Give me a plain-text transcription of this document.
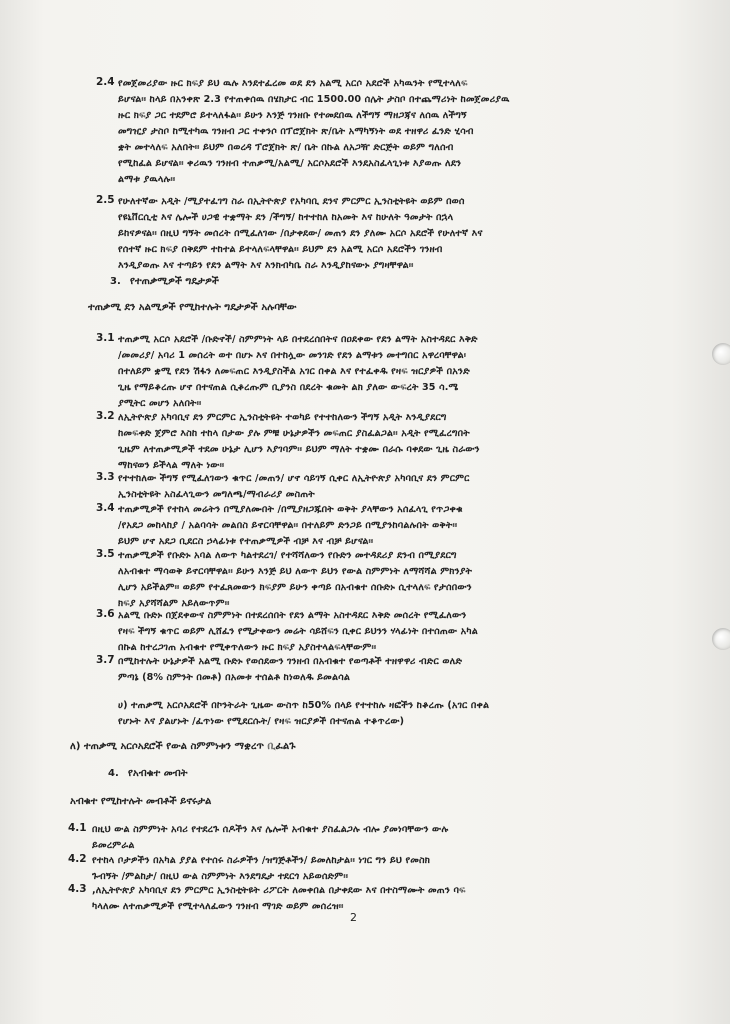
2.4 የመጀመሪያው ዙር ክፍያ ይህ ዉሉ እንደተፈረመ ወደ ደን አልሚ አርሶ አደሮች አካዉንት የሚተላለፍ
ይሆናል፡፡ ከላይ በአንቀጽ 2.3 የተጠቀሰዉ በሄክታር ብር 1500.00 ሰሌት ታስቦ በተጨማሪነት ከመጀመሪያዉ
ዙር ክፍያ ጋር ተደምሮ ይተላለፋል፡፡ ይሁን እንጅ ገንዘቡ የተመደበዉ ለችግኝ ማዘጋጃና ለሰዉ ለችግኝ
መግዢያ ታስቦ ከሚተካዉ ገንዘብ ጋር ተቀንሶ በፕሮጀክት ጽ/ቤት አማካኝነት ወደ ተዘዋሪ ፈንድ ሂሳብ
ቋት መተላለፍ አለበት፡፡ ይህም በወረዳ ፕሮጀክት ጽ/ ቤት በኩል ለአጋዥ ድርጅት ወይም ግለሰብ
የሚከፈል ይሆናል፡፡ ቀሪዉን ገንዘብ ተጠቃሚ/አልሚ/ አርሶአደሮች እንደአስፈላጊነቱ እያወጡ ለደን
ልማቱ ያዉላሉ፡፡
2.5 የሁለተኛው አዲት /ሚያተፈገግ ስራ በኢትዮጵያ የአካባቢ ደንና ምርምር ኢንስቲትዩት ወይም በወሰ
የዩኒቨርሲቲ እና ሌሎች ሀጋዊ ተቋማት ደን /ችግኝ/ ከተተከለ ከአመት እና ከሁለት ዓመታት በኋላ
ይከናዎናል፡፡ በዚህ ግኝት መሰረት በሚፈለገው /በታቀደው/ መጠን ደን ያለሙ አርሶ አደሮች የሁለተኛ እና
የሰተኛ ዙር ክፍያ በቅደም ተከተል ይተላለፍላቸዋል፡፡ ይህም ደን አልሚ አርሶ አደሮችን ገንዘብ
እንዲያወጡ እና ተጣይን የደን ልማት እና እንክብካቤ ስራ እንዲያከናውኑ ያግዛቸዋል፡፡
3. የተጠቃሚዎች ግዴታዎች
ተጠቃሚ ደን አልሚዎች የሚከተሉት ግዴታዎች አሉባቸው
3.1 ተጠቃሚ አርሶ አደሮች /ቡድኖች/ ስምምነት ላይ በተደረሰበትና በዐደቀው የደን ልማት አስተዳደር እቅድ
/መመሪያ/ አባሪ 1 መሰረት ወተ በሆኑ እና በተከሏው መንገድ የደን ልማቱን መተግበር አዋረባቸዋል፡
በተለይም ቋሚ የደን ሽፋን ለመፍጠር እንዲያስችል አገር በቀል እና የተፈቀዱ የዛፍ ዝርያዎች በአንድ
ጊዜ የማይቆረጡ ሆኖ በተናጠል ሲቆረጡም ቢያንስ በደረት ቁመት ልክ ያለው ውፍረት 35 ሳ.ሜ
ያሚትር መሆን አለበት፡፡
3.2 ለኢትዮጵያ አካባቢና ደን ምርምር ኢንስቲትዩት ተወካይ የተተከለውን ችግኝ አዲት እንዲያደርግ
ከመፍቀድ ጀምሮ እስከ ተከላ በታው ያሉ ምቹ ሁኔታዎችን መፍጠር ያስፈልጋል፡፡ አዲት የሚፈረግበት
ጊዜም ለተጠቃሚዎች ተደመ ሁኔታ ሊሆን እያገባም፡፡ ይህም ማለት ተቋሙ በራሱ ባቀደው ጊዜ ስራውን
ማከናወን ይችላል ማለት ነው፡፡
3.3 የተተከለው ችግኝ የሚፈለገውን ቁጥር /መጠን/ ሆኖ ሳይገኝ ሲቀር ለኢትዮጵያ አካባቢና ደን ምርምር
ኢንስቲትዩት አስፈላጊውን መግለጫ/ማብራሪያ መስጠት
3.4 ተጠቃሚዎች የተከላ መሬትን በሚያለሙበት /በሚያዘጋጁበት ወቅት ያላቸውን አሰፈላጊ የጥጋቀቁ
/የአደጋ መከላከያ / አልባሳት መልበስ ይኖርባቸዋል፡፡ በተለይም ድንጋይ በሚያንከባልሉበት ወቅት፡፡
ይህም ሆኖ አደጋ ቢደርስ ኃላፊነቱ የተጠቃሚዎች ብቻ እና ብቻ ይሆናል፡፡
3.5 ተጠቃሚዎች የቡድኑ አባል ለውጥ ካልተደረገ/ የተሻሻለውን የቡድን መተዳደሪያ ደንብ በሚያደርግ
ለአብቁተ ማሳወቅ ይኖርባቸዋል፡፡ ይሁን እንጅ ይህ ለውጥ ይህን የውል ስምምነት ለማሻሻል ምክንያት
ሊሆን አይችልም፡፡ ወይም የተፈጸመውን ክፍያም ይሁን ቀጣይ በአብቁተ ሰቡድኑ ሲተላለፍ የታሰበውን
ክፍያ አያሻሻልም አይለውጥም፡፡
3.6 አልሚ ቡድኑ በጀደቀውና ስምምነት በተደረሰበት የደን ልማት አስተዳደር እቅድ መሰረት የሚፈለውን
የዛፍ ችግኝ ቁጥር ወይም ሊሸፈን የሚታቀውን መሬት ሳይሸፍን ቢቀር ይህንን ሃላፊነት በተሰጠው አካል
በኩል ከተረጋገጠ አብቁተ የሚቀጥለውን ዙር ክፍያ አያስተላልፍላቸውም፡፡
3.7 በሚከተሉት ሁኔታዎች አልሚ ቡድኑ የወሰደውን ገንዘብ በአብቁተ የወጣቶች ተዘዋዋሪ ብድር ወለድ
ምጣኔ (8% ስምንት በመቶ) በአመቱ ተሰልቶ ከነወለዱ ይመልሳል
ሀ) ተጠቃሚ አርሶአደሮች በኮንትራት ጊዜው ውስጥ ከ50% በላይ የተተከሉ ዛፎችን ከቆረጡ (አገር በቀል
የሆኑት እና ያልሆኑት /ፈጥነው የሚደርሱት/ የዛፍ ዝርያዎች በተናጠል ተቆጥረው)
ለ) ተጠቃሚ አርሶአደሮች የውል ስምምነቱን ማቋረጥ ቢፈልጉ
4. የአብቁተ መብት
አብቁተ የሚከተሉት መብቶች ይኖሩታል
4.1 በዚህ ውል ስምምነት አባሪ የተደረጉ ሰዶችን እና ሌሎች አብቁተ ያስፈልጋሉ ብሎ ያመነባቸውን ውሉ
ይመረምራል
4.2 የተከላ ቦታዎችን በአካል ያያል የተሰሩ ስራዎችን /ዝግጅቶችን/ ይመለከታል፡፡ ነገር ግን ይህ የመስክ
ጉብኝት /ምልከታ/ በዚህ ውል ስምምነት እንደግዴታ ተደርጎ አይወሰድም፡፡
4.3 ,ለኢትዮጵያ አካባቢና ደን ምርምር ኢንስቲትዩት ሪፖርት ለመቀበል በታቀደው እና በተስማሙት መጠን ባፍ
ካላለሙ ለተጠቃሚዎች የሚተላለፈውን ገንዘብ ማገድ ወይም መሰረዝ፡፡
2
